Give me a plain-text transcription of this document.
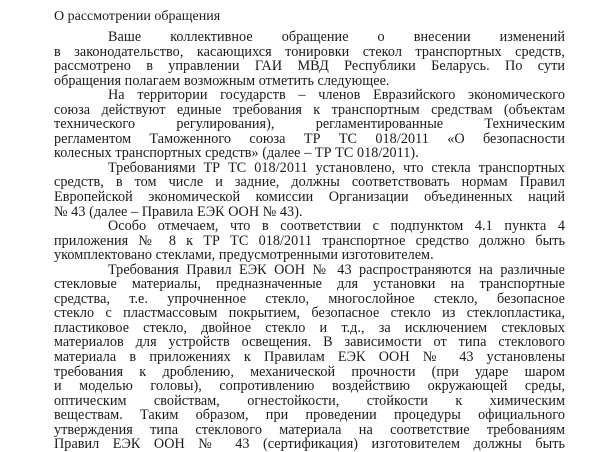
О рассмотрении обращения
Ваше коллективное обращение о внесении изменений
в законодательство, касающихся тонировки стекол транспортных средств,
рассмотрено в управлении ГАИ МВД Республики Беларусь. По сути
обращения полагаем возможным отметить следующее.
На территории государств – членов Евразийского экономического
союза действуют единые требования к транспортным средствам (объектам
технического регулирования), регламентированные Техническим
регламентом Таможенного союза ТР ТС 018/2011 «О безопасности
колесных транспортных средств» (далее – ТР ТС 018/2011).
Требованиями ТР ТС 018/2011 установлено, что стекла транспортных
средств, в том числе и задние, должны соответствовать нормам Правил
Европейской экономической комиссии Организации объединенных наций
№ 43 (далее – Правила ЕЭК ООН № 43).
Особо отмечаем, что в соответствии с подпунктом 4.1 пункта 4
приложения № 8 к ТР ТС 018/2011 транспортное средство должно быть
укомплектовано стеклами, предусмотренными изготовителем.
Требования Правил ЕЭК ООН № 43 распространяются на различные
стекловые материалы, предназначенные для установки на транспортные
средства, т.е. упрочненное стекло, многослойное стекло, безопасное
стекло с пластмассовым покрытием, безопасное стекло из стеклопластика,
пластиковое стекло, двойное стекло и т.д., за исключением стекловых
материалов для устройств освещения. В зависимости от типа стеклового
материала в приложениях к Правилам ЕЭК ООН № 43 установлены
требования к дроблению, механической прочности (при ударе шаром
и моделью головы), сопротивлению воздействию окружающей среды,
оптическим свойствам, огнестойкости, стойкости к химическим
веществам. Таким образом, при проведении процедуры официального
утверждения типа стеклового материала на соответствие требованиям
Правил ЕЭК ООН № 43 (сертификация) изготовителем должны быть
